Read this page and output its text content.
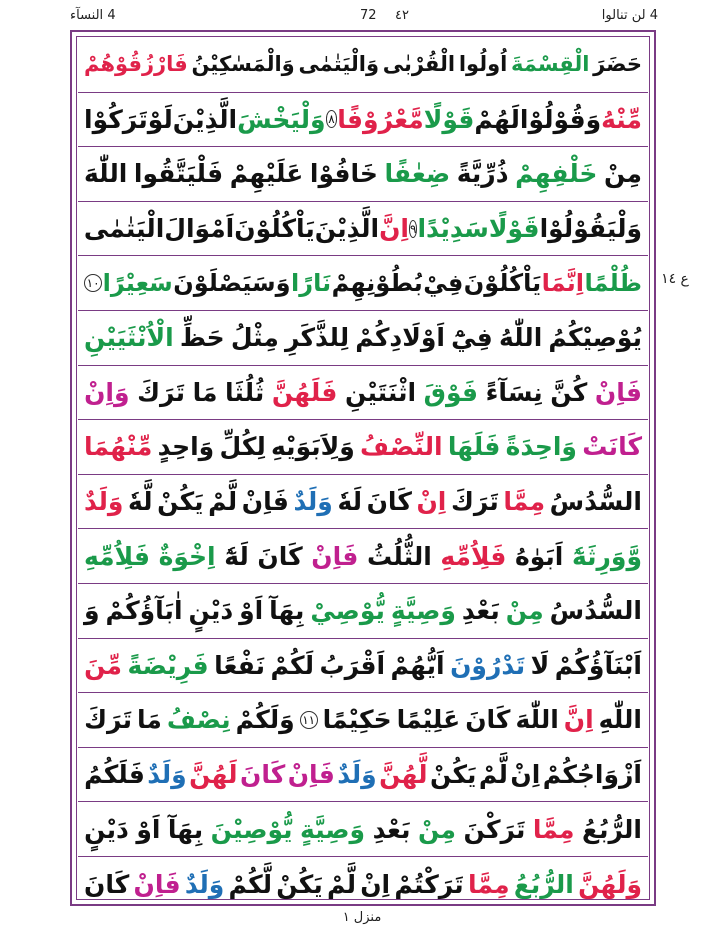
4 لن تنالوا
٤٢
72
4 النسآء
حَضَرَ
الْقِسْمَةَ
اُولُوا
الْقُرْبٰى
وَالْيَتٰمٰى
وَالْمَسٰكِيْنُ
فَارْزُقُوْهُمْ
مِّنْهُ
وَقُوْلُوْا
لَهُمْ
قَوْلًا
مَّعْرُوْفًا
٨
وَلْيَخْشَ
الَّذِيْنَ
لَوْ
تَرَكُوْا
مِنْ
خَلْفِهِمْ
ذُرِّيَّةً
ضِعٰفًا
خَافُوْا
عَلَيْهِمْ
فَلْيَتَّقُوا
اللّٰهَ
وَلْيَقُوْلُوْا
قَوْلًا
سَدِيْدًا
٩
اِنَّ
الَّذِيْنَ
يَاْكُلُوْنَ
اَمْوَالَ
الْيَتٰمٰى
ظُلْمًا
اِنَّمَا
يَاْكُلُوْنَ
فِيْ
بُطُوْنِهِمْ
نَارًا
وَسَيَصْلَوْنَ
سَعِيْرًا
١٠
يُوْصِيْكُمُ
اللّٰهُ
فِيْٓ
اَوْلَادِكُمْ
لِلذَّكَرِ
مِثْلُ
حَظِّ
الْاُنْثَيَيْنِ
فَاِنْ
كُنَّ
نِسَآءً
فَوْقَ
اثْنَتَيْنِ
فَلَهُنَّ
ثُلُثَا
مَا
تَرَكَ
وَاِنْ
كَانَتْ
وَاحِدَةً
فَلَهَا
النِّصْفُ
وَلِاَبَوَيْهِ
لِكُلِّ
وَاحِدٍ
مِّنْهُمَا
السُّدُسُ
مِمَّا
تَرَكَ
اِنْ
كَانَ
لَهٗ
وَلَدٌ
فَاِنْ
لَّمْ
يَكُنْ
لَّهٗ
وَلَدٌ
وَّوَرِثَهٗٓ
اَبَوٰهُ
فَلِاُمِّهِ
الثُّلُثُ
فَاِنْ
كَانَ
لَهٗٓ
اِخْوَةٌ
فَلِاُمِّهِ
السُّدُسُ
مِنْ
بَعْدِ
وَصِيَّةٍ
يُّوْصِيْ
بِهَآ
اَوْ
دَيْنٍ
اٰبَآؤُكُمْ
وَ
اَبْنَآؤُكُمْ
لَا
تَدْرُوْنَ
اَيُّهُمْ
اَقْرَبُ
لَكُمْ
نَفْعًا
فَرِيْضَةً
مِّنَ
اللّٰهِ
اِنَّ
اللّٰهَ
كَانَ
عَلِيْمًا
حَكِيْمًا
١١
وَلَكُمْ
نِصْفُ
مَا
تَرَكَ
اَزْوَاجُكُمْ
اِنْ
لَّمْ
يَكُنْ
لَّهُنَّ
وَلَدٌ
فَاِنْ
كَانَ
لَهُنَّ
وَلَدٌ
فَلَكُمُ
الرُّبُعُ
مِمَّا
تَرَكْنَ
مِنْ
بَعْدِ
وَصِيَّةٍ
يُّوْصِيْنَ
بِهَآ
اَوْ
دَيْنٍ
وَلَهُنَّ
الرُّبُعُ
مِمَّا
تَرَكْتُمْ
اِنْ
لَّمْ
يَكُنْ
لَّكُمْ
وَلَدٌ
فَاِنْ
كَانَ
ع ١٤
منزل ١
